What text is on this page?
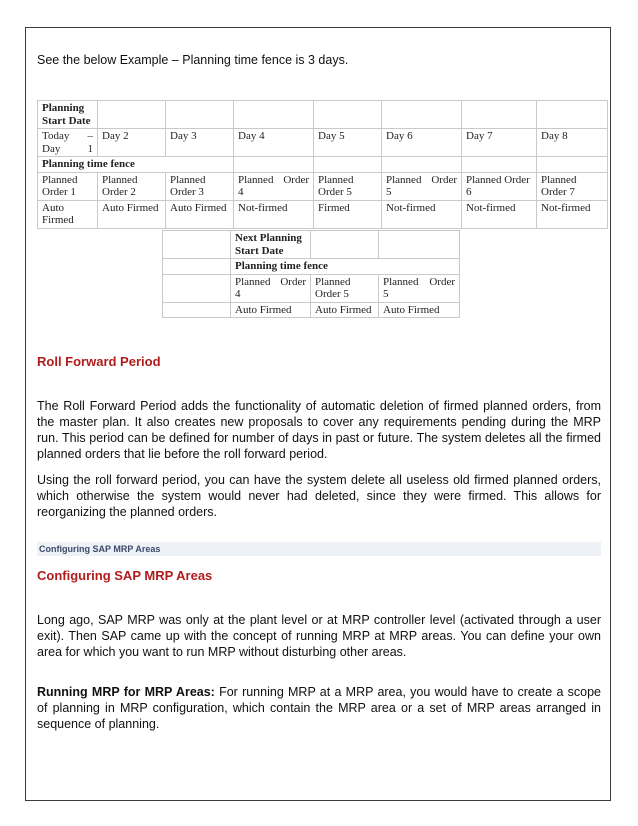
See the below Example – Planning time fence is 3 days.
Planning Start Date							
Today – Day 1	Day 2	Day 3	Day 4	Day 5	Day 6	Day 7	Day 8
Planning time fence							
Planned Order 1	Planned Order 2	Planned Order 3	Planned Order 4	Planned Order 5	Planned Order 5	Planned Order 6	Planned Order 7
Auto Firmed	Auto Firmed	Auto Firmed	Not-firmed	Firmed	Not-firmed	Not-firmed	Not-firmed
	Next Planning Start Date		
	Planning time fence		
	Planned Order 4	Planned Order 5	Planned Order 5
	Auto Firmed	Auto Firmed	Auto Firmed
Roll Forward Period

The Roll Forward Period adds the functionality of automatic deletion of firmed planned orders, from the master plan. It also creates new proposals to cover any requirements pending during the MRP run. This period can be defined for number of days in past or future. The system deletes all the firmed planned orders that lie before the roll forward period.

Using the roll forward period, you can have the system delete all useless old firmed planned orders, which otherwise the system would never had deleted, since they were firmed. This allows for reorganizing the planned orders.

Configuring SAP MRP Areas
Configuring SAP MRP Areas

Long ago, SAP MRP was only at the plant level or at MRP controller level (activated through a user exit). Then SAP came up with the concept of running MRP at MRP areas. You can define your own area for which you want to run MRP without disturbing other areas.

Running MRP for MRP Areas: For running MRP at a MRP area, you would have to create a scope of planning in MRP configuration, which contain the MRP area or a set of MRP areas arranged in sequence of planning.
